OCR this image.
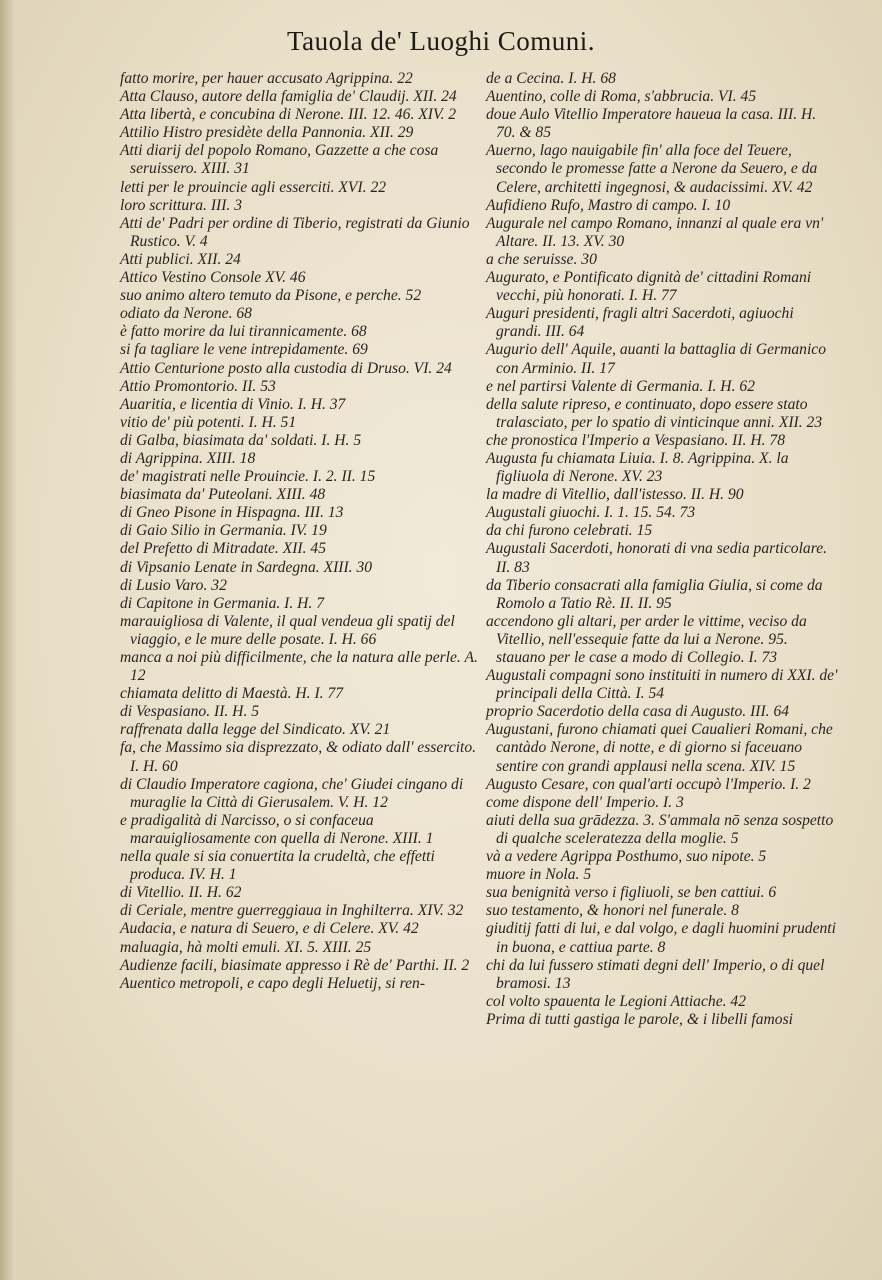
Tauola de' Luoghi Comuni.

fatto morire, per hauer accusato Agrippina. 22

Atta Clauso, autore della famiglia de' Claudij. XII. 24

Atta libertà, e concubina di Nerone. III. 12. 46. XIV. 2

Attilio Histro presidète della Pannonia. XII. 29

Atti diarij del popolo Romano, Gazzette a che cosa seruissero. XIII. 31

letti per le prouincie agli esserciti. XVI. 22

loro scrittura. III. 3

Atti de' Padri per ordine di Tiberio, registrati da Giunio Rustico. V. 4

Atti publici. XII. 24

Attico Vestino Console XV. 46

suo animo altero temuto da Pisone, e perche. 52

odiato da Nerone. 68

è fatto morire da lui tirannicamente. 68

si fa tagliare le vene intrepidamente. 69

Attio Centurione posto alla custodia di Druso. VI. 24

Attio Promontorio. II. 53

Auaritia, e licentia di Vinio. I. H. 37

vitio de' più potenti. I. H. 51

di Galba, biasimata da' soldati. I. H. 5

di Agrippina. XIII. 18

de' magistrati nelle Prouincie. I. 2. II. 15

biasimata da' Puteolani. XIII. 48

di Gneo Pisone in Hispagna. III. 13

di Gaio Silio in Germania. IV. 19

del Prefetto di Mitradate. XII. 45

di Vipsanio Lenate in Sardegna. XIII. 30

di Lusio Varo. 32

di Capitone in Germania. I. H. 7

marauigliosa di Valente, il qual vendeua gli spatij del viaggio, e le mure delle posate. I. H. 66

manca a noi più difficilmente, che la natura alle perle. A. 12

chiamata delitto di Maestà. H. I. 77

di Vespasiano. II. H. 5

raffrenata dalla legge del Sindicato. XV. 21

fa, che Massimo sia disprezzato, & odiato dall' essercito. I. H. 60

di Claudio Imperatore cagiona, che' Giudei cingano di muraglie la Città di Gierusalem. V. H. 12

e pradigalità di Narcisso, o si confaceua marauigliosamente con quella di Nerone. XIII. 1

nella quale si sia conuertita la crudeltà, che effetti produca. IV. H. 1

di Vitellio. II. H. 62

di Ceriale, mentre guerreggiaua in Inghilterra. XIV. 32

Audacia, e natura di Seuero, e di Celere. XV. 42

maluagia, hà molti emuli. XI. 5. XIII. 25

Audienze facili, biasimate appresso i Rè de' Parthi. II. 2

Auentico metropoli, e capo degli Heluetij, si ren-

de a Cecina. I. H. 68

Auentino, colle di Roma, s'abbrucia. VI. 45

doue Aulo Vitellio Imperatore haueua la casa. III. H. 70. & 85

Auerno, lago nauigabile fin' alla foce del Teuere, secondo le promesse fatte a Nerone da Seuero, e da Celere, architetti ingegnosi, & audacissimi. XV. 42

Aufidieno Rufo, Mastro di campo. I. 10

Augurale nel campo Romano, innanzi al quale era vn' Altare. II. 13. XV. 30

a che seruisse. 30

Augurato, e Pontificato dignità de' cittadini Romani vecchi, più honorati. I. H. 77

Auguri presidenti, fragli altri Sacerdoti, agiuochi grandi. III. 64

Augurio dell' Aquile, auanti la battaglia di Germanico con Arminio. II. 17

e nel partirsi Valente di Germania. I. H. 62

della salute ripreso, e continuato, dopo essere stato tralasciato, per lo spatio di vinticinque anni. XII. 23

che pronostica l'Imperio a Vespasiano. II. H. 78

Augusta fu chiamata Liuia. I. 8. Agrippina. X. la figliuola di Nerone. XV. 23

la madre di Vitellio, dall'istesso. II. H. 90

Augustali giuochi. I. 1. 15. 54. 73

da chi furono celebrati. 15

Augustali Sacerdoti, honorati di vna sedia particolare. II. 83

da Tiberio consacrati alla famiglia Giulia, si come da Romolo a Tatio Rè. II. II. 95

accendono gli altari, per arder le vittime, veciso da Vitellio, nell'essequie fatte da lui a Nerone. 95. stauano per le case a modo di Collegio. I. 73

Augustali compagni sono instituiti in numero di XXI. de' principali della Città. I. 54

proprio Sacerdotio della casa di Augusto. III. 64

Augustani, furono chiamati quei Caualieri Romani, che cantàdo Nerone, di notte, e di giorno si faceuano sentire con grandi applausi nella scena. XIV. 15

Augusto Cesare, con qual'arti occupò l'Imperio. I. 2

come dispone dell' Imperio. I. 3

aiuti della sua grādezza. 3. S'ammala nō senza sospetto di qualche sceleratezza della moglie. 5

và a vedere Agrippa Posthumo, suo nipote. 5

muore in Nola. 5

sua benignità verso i figliuoli, se ben cattiui. 6

suo testamento, & honori nel funerale. 8

giuditij fatti di lui, e dal volgo, e dagli huomini prudenti in buona, e cattiua parte. 8

chi da lui fussero stimati degni dell' Imperio, o di quel bramosi. 13

col volto spauenta le Legioni Attiache. 42

Prima di tutti gastiga le parole, & i libelli famosi
